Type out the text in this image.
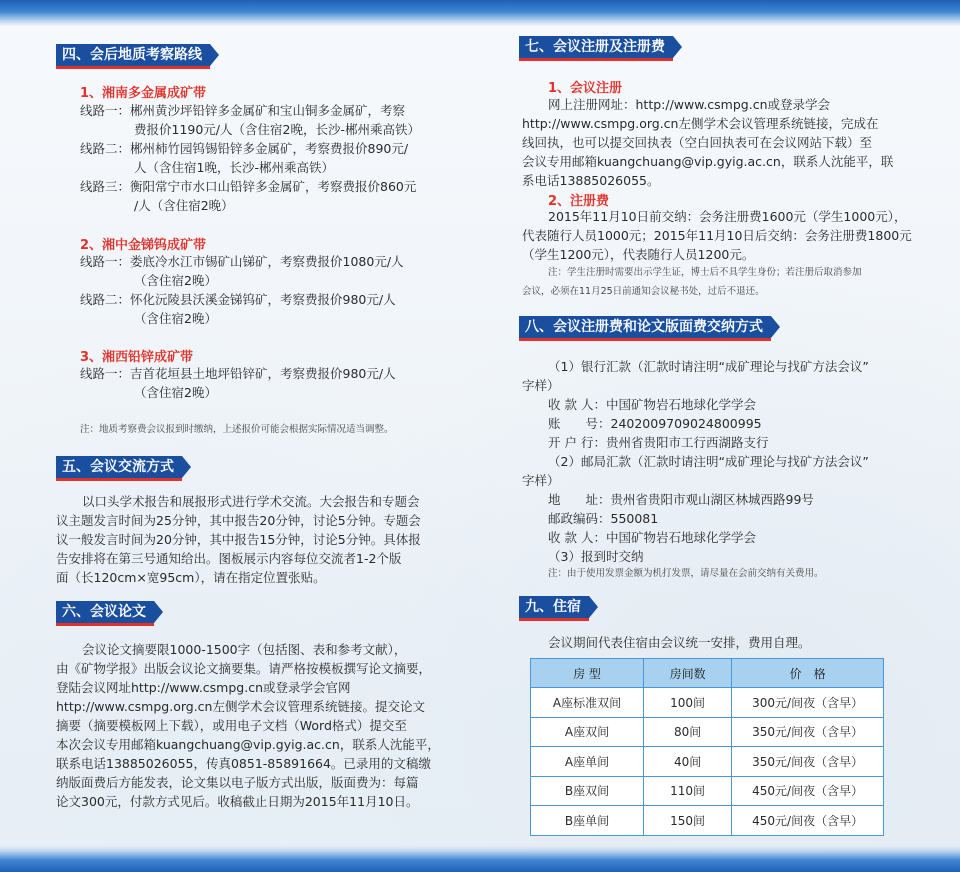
四、会后地质考察路线
1、湘南多金属成矿带
线路一：郴州黄沙坪铅锌多金属矿和宝山铜多金属矿，考察
费报价1190元/人（含住宿2晚，长沙-郴州乘高铁）
线路二：郴州柿竹园钨锡铅锌多金属矿，考察费报价890元/
人（含住宿1晚，长沙-郴州乘高铁）
线路三：衡阳常宁市水口山铅锌多金属矿，考察费报价860元
/人（含住宿2晚）
2、湘中金锑钨成矿带
线路一：娄底冷水江市锡矿山锑矿，考察费报价1080元/人
（含住宿2晚）
线路二：怀化沅陵县沃溪金锑钨矿，考察费报价980元/人
（含住宿2晚）
3、湘西铅锌成矿带
线路一：吉首花垣县土地坪铅锌矿，考察费报价980元/人
（含住宿2晚）
注：地质考察费会议报到时缴纳，上述报价可能会根据实际情况适当调整。
五、会议交流方式
以口头学术报告和展报形式进行学术交流。大会报告和专题会
议主题发言时间为25分钟，其中报告20分钟，讨论5分钟。专题会
议一般发言时间为20分钟，其中报告15分钟，讨论5分钟。具体报
告安排将在第三号通知给出。图板展示内容每位交流者1-2个版
面（长120cm×宽95cm），请在指定位置张贴。
六、会议论文
会议论文摘要限1000-1500字（包括图、表和参考文献），
由《矿物学报》出版会议论文摘要集。请严格按模板撰写论文摘要，
登陆会议网址http://www.csmpg.cn或登录学会官网
http://www.csmpg.org.cn左侧学术会议管理系统链接。提交论文
摘要（摘要模板网上下载），或用电子文档（Word格式）提交至
本次会议专用邮箱kuangchuang@vip.gyig.ac.cn，联系人沈能平，
联系电话13885026055，传真0851-85891664。已录用的文稿缴
纳版面费后方能发表，论文集以电子版方式出版，版面费为：每篇
论文300元，付款方式见后。收稿截止日期为2015年11月10日。
七、会议注册及注册费
1、会议注册
网上注册网址：http://www.csmpg.cn或登录学会
http://www.csmpg.org.cn左侧学术会议管理系统链接，完成在
线回执，也可以提交回执表（空白回执表可在会议网站下载）至
会议专用邮箱kuangchuang@vip.gyig.ac.cn，联系人沈能平，联
系电话13885026055。
2、注册费
2015年11月10日前交纳：会务注册费1600元（学生1000元），
代表随行人员1000元；2015年11月10日后交纳：会务注册费1800元
（学生1200元），代表随行人员1200元。
注：学生注册时需要出示学生证，博士后不具学生身份；若注册后取消参加
会议，必须在11月25日前通知会议秘书处，过后不退还。
八、会议注册费和论文版面费交纳方式
（1）银行汇款（汇款时请注明“成矿理论与找矿方法会议”
字样）
收 款 人：中国矿物岩石地球化学学会
账　　号：2402009709024800995
开 户 行：贵州省贵阳市工行西湖路支行
（2）邮局汇款（汇款时请注明“成矿理论与找矿方法会议”
字样）
地　　址：贵州省贵阳市观山湖区林城西路99号
邮政编码：550081
收 款 人：中国矿物岩石地球化学学会
（3）报到时交纳
注：由于使用发票金额为机打发票，请尽量在会前交纳有关费用。
九、住宿
会议期间代表住宿由会议统一安排，费用自理。
房 型	房间数	价　格
A座标准双间	100间	300元/间夜（含早）
A座双间	80间	350元/间夜（含早）
A座单间	40间	350元/间夜（含早）
B座双间	110间	450元/间夜（含早）
B座单间	150间	450元/间夜（含早）
